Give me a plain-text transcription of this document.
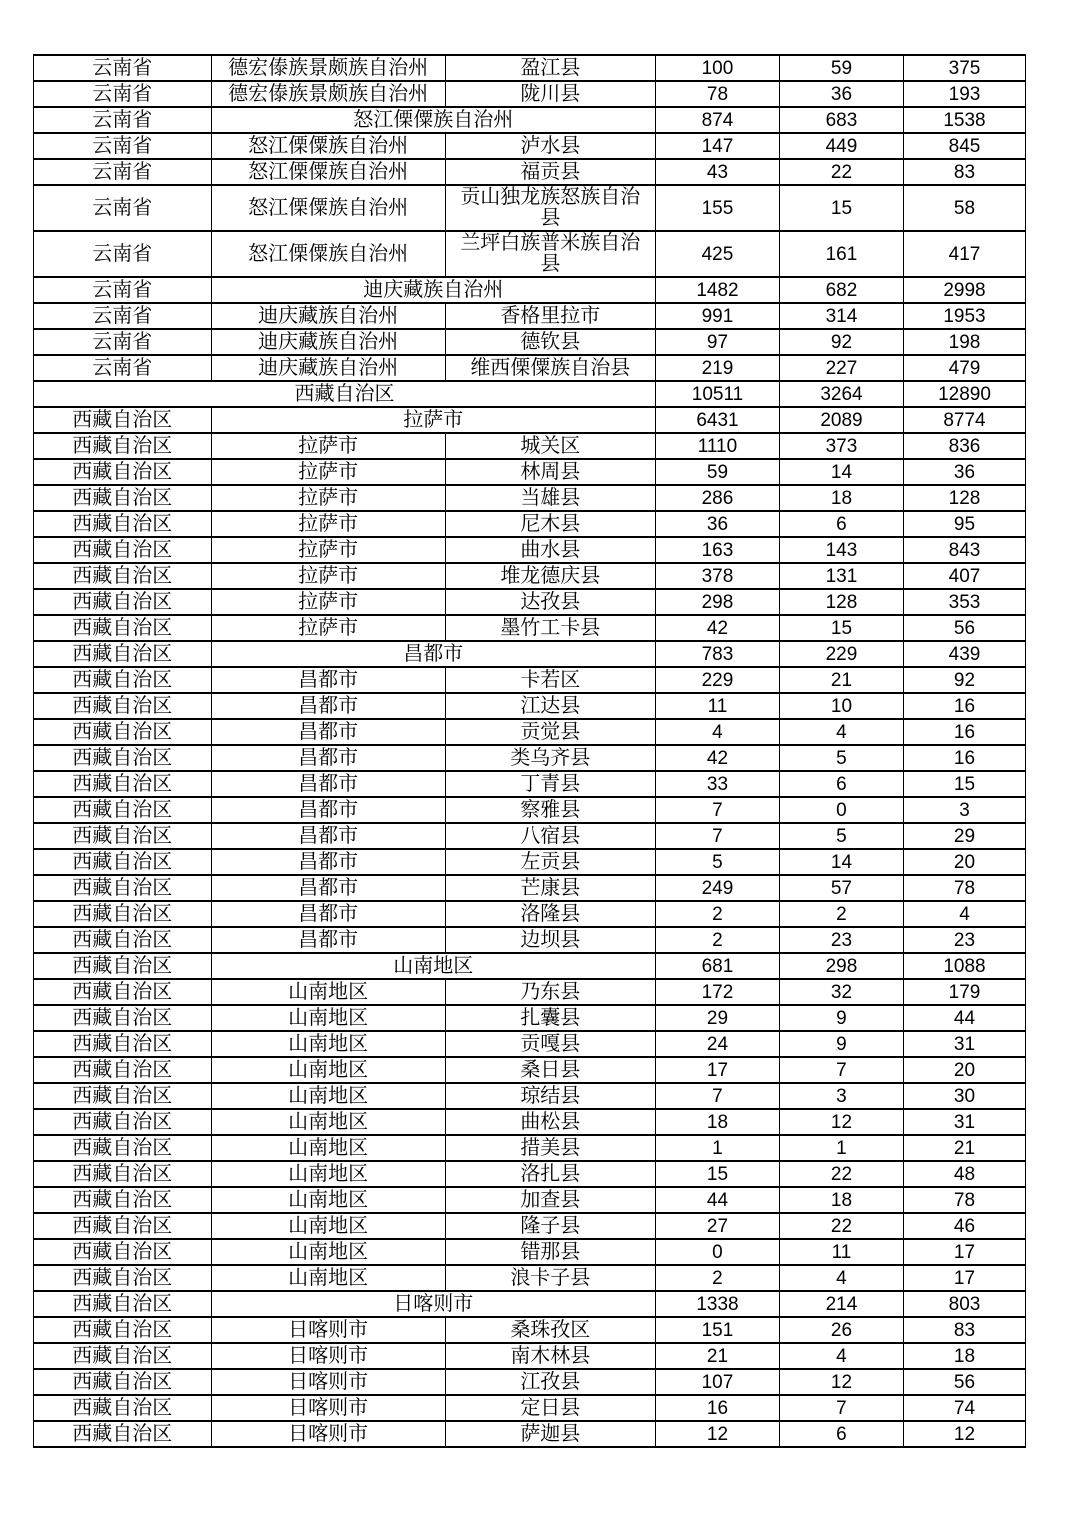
云南省	德宏傣族景颇族自治州	盈江县	100	59	375
云南省	德宏傣族景颇族自治州	陇川县	78	36	193
云南省	怒江傈僳族自治州		874	683	1538
云南省	怒江傈僳族自治州	泸水县	147	449	845
云南省	怒江傈僳族自治州	福贡县	43	22	83
云南省	怒江傈僳族自治州	贡山独龙族怒族自治县	155	15	58
云南省	怒江傈僳族自治州	兰坪白族普米族自治县	425	161	417
云南省	迪庆藏族自治州		1482	682	2998
云南省	迪庆藏族自治州	香格里拉市	991	314	1953
云南省	迪庆藏族自治州	德钦县	97	92	198
云南省	迪庆藏族自治州	维西傈僳族自治县	219	227	479
西藏自治区			10511	3264	12890
西藏自治区	拉萨市		6431	2089	8774
西藏自治区	拉萨市	城关区	1110	373	836
西藏自治区	拉萨市	林周县	59	14	36
西藏自治区	拉萨市	当雄县	286	18	128
西藏自治区	拉萨市	尼木县	36	6	95
西藏自治区	拉萨市	曲水县	163	143	843
西藏自治区	拉萨市	堆龙德庆县	378	131	407
西藏自治区	拉萨市	达孜县	298	128	353
西藏自治区	拉萨市	墨竹工卡县	42	15	56
西藏自治区	昌都市		783	229	439
西藏自治区	昌都市	卡若区	229	21	92
西藏自治区	昌都市	江达县	11	10	16
西藏自治区	昌都市	贡觉县	4	4	16
西藏自治区	昌都市	类乌齐县	42	5	16
西藏自治区	昌都市	丁青县	33	6	15
西藏自治区	昌都市	察雅县	7	0	3
西藏自治区	昌都市	八宿县	7	5	29
西藏自治区	昌都市	左贡县	5	14	20
西藏自治区	昌都市	芒康县	249	57	78
西藏自治区	昌都市	洛隆县	2	2	4
西藏自治区	昌都市	边坝县	2	23	23
西藏自治区	山南地区		681	298	1088
西藏自治区	山南地区	乃东县	172	32	179
西藏自治区	山南地区	扎囊县	29	9	44
西藏自治区	山南地区	贡嘎县	24	9	31
西藏自治区	山南地区	桑日县	17	7	20
西藏自治区	山南地区	琼结县	7	3	30
西藏自治区	山南地区	曲松县	18	12	31
西藏自治区	山南地区	措美县	1	1	21
西藏自治区	山南地区	洛扎县	15	22	48
西藏自治区	山南地区	加查县	44	18	78
西藏自治区	山南地区	隆子县	27	22	46
西藏自治区	山南地区	错那县	0	11	17
西藏自治区	山南地区	浪卡子县	2	4	17
西藏自治区	日喀则市		1338	214	803
西藏自治区	日喀则市	桑珠孜区	151	26	83
西藏自治区	日喀则市	南木林县	21	4	18
西藏自治区	日喀则市	江孜县	107	12	56
西藏自治区	日喀则市	定日县	16	7	74
西藏自治区	日喀则市	萨迦县	12	6	12
